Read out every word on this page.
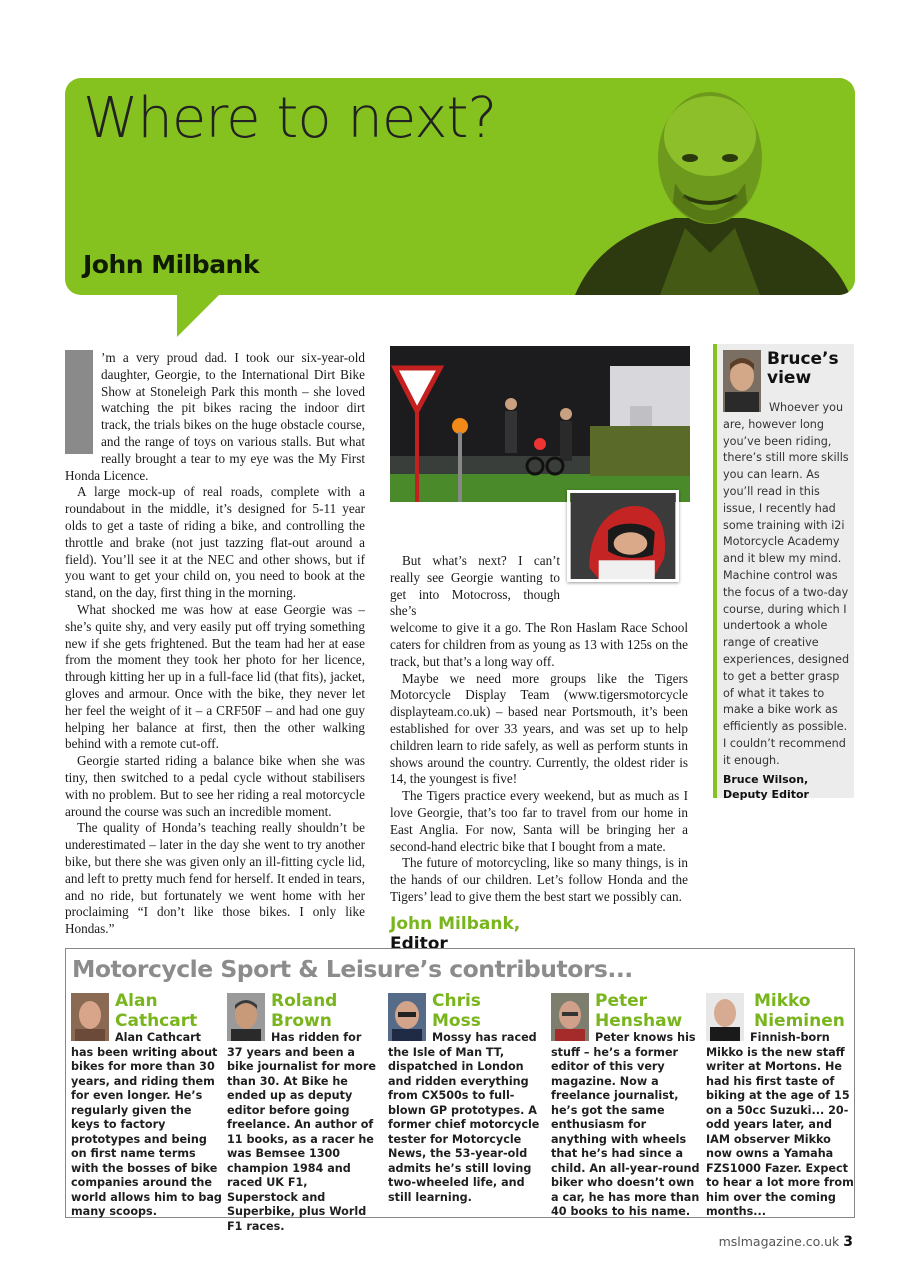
Where to next?
John Milbank

’m a very proud dad. I took our six-year-old daughter, Georgie, to the International Dirt Bike Show at Stoneleigh Park this month – she loved watching the pit bikes racing the indoor dirt track, the trials bikes on the huge obstacle course, and the range of toys on various stalls. But what really brought a tear to my eye was the My First Honda Licence.

A large mock-up of real roads, complete with a roundabout in the middle, it’s designed for 5-11 year olds to get a taste of riding a bike, and controlling the throttle and brake (not just tazzing flat-out around a field). You’ll see it at the NEC and other shows, but if you want to get your child on, you need to book at the stand, on the day, first thing in the morning.

What shocked me was how at ease Georgie was – she’s quite shy, and very easily put off trying something new if she gets frightened. But the team had her at ease from the moment they took her photo for her licence, through kitting her up in a full-face lid (that fits), jacket, gloves and armour. Once with the bike, they never let her feel the weight of it – a CRF50F – and had one guy helping her balance at first, then the other walking behind with a remote cut-off.

Georgie started riding a balance bike when she was tiny, then switched to a pedal cycle without stabilisers with no problem. But to see her riding a real motorcycle around the course was such an incredible moment.

The quality of Honda’s teaching really shouldn’t be underestimated – later in the day she went to try another bike, but there she was given only an ill-fitting cycle lid, and left to pretty much fend for herself. It ended in tears, and no ride, but fortunately we went home with her proclaiming “I don’t like those bikes. I only like Hondas.”

But what’s next? I can’t really see Georgie wanting to get into Motocross, though she’s

welcome to give it a go. The Ron Haslam Race School caters for children from as young as 13 with 125s on the track, but that’s a long way off.

Maybe we need more groups like the Tigers Motorcycle Display Team (www.tigersmotorcycle displayteam.co.uk) – based near Portsmouth, it’s been established for over 33 years, and was set up to help children learn to ride safely, as well as perform stunts in shows around the country. Currently, the oldest rider is 14, the youngest is five!

The Tigers practice every weekend, but as much as I love Georgie, that’s too far to travel from our home in East Anglia. For now, Santa will be bringing her a second-hand electric bike that I bought from a mate.

The future of motorcycling, like so many things, is in the hands of our children. Let’s follow Honda and the Tigers’ lead to give them the best start we possibly can.

John Milbank,
Editor
Bruce’s view
Whoever you are, however long you’ve been riding, there’s still more skills you can learn. As you’ll read in this issue, I recently had some training with i2i Motorcycle Academy and it blew my mind. Machine control was the focus of a two-day course, during which I undertook a whole range of creative experiences, designed to get a better grasp of what it takes to make a bike work as efficiently as possible. I couldn’t recommend it enough.
Bruce Wilson,
Deputy Editor
Motorcycle Sport & Leisure’s contributors...
Alan
Cathcart
Alan Cathcart has been writing about bikes for more than 30 years, and riding them for even longer. He’s regularly given the keys to factory prototypes and being on first name terms with the bosses of bike companies around the world allows him to bag many scoops.
Roland
Brown
Has ridden for 37 years and been a bike journalist for more than 30. At Bike he ended up as deputy editor before going freelance. An author of 11 books, as a racer he was Bemsee 1300 champion 1984 and raced UK F1, Superstock and Superbike, plus World F1 races.
Chris
Moss
Mossy has raced the Isle of Man TT, dispatched in London and ridden everything from CX500s to full-blown GP prototypes. A former chief motorcycle tester for Motorcycle News, the 53-year-old admits he’s still loving two-wheeled life, and still learning.
Peter
Henshaw
Peter knows his stuff – he’s a former editor of this very magazine. Now a freelance journalist, he’s got the same enthusiasm for anything with wheels that he’s had since a child. An all-year-round biker who doesn’t own a car, he has more than 40 books to his name.
Mikko
Nieminen
Finnish-born Mikko is the new staff writer at Mortons. He had his first taste of biking at the age of 15 on a 50cc Suzuki... 20-odd years later, and IAM observer Mikko now owns a Yamaha FZS1000 Fazer. Expect to hear a lot more from him over the coming months...
mslmagazine.co.uk 3
